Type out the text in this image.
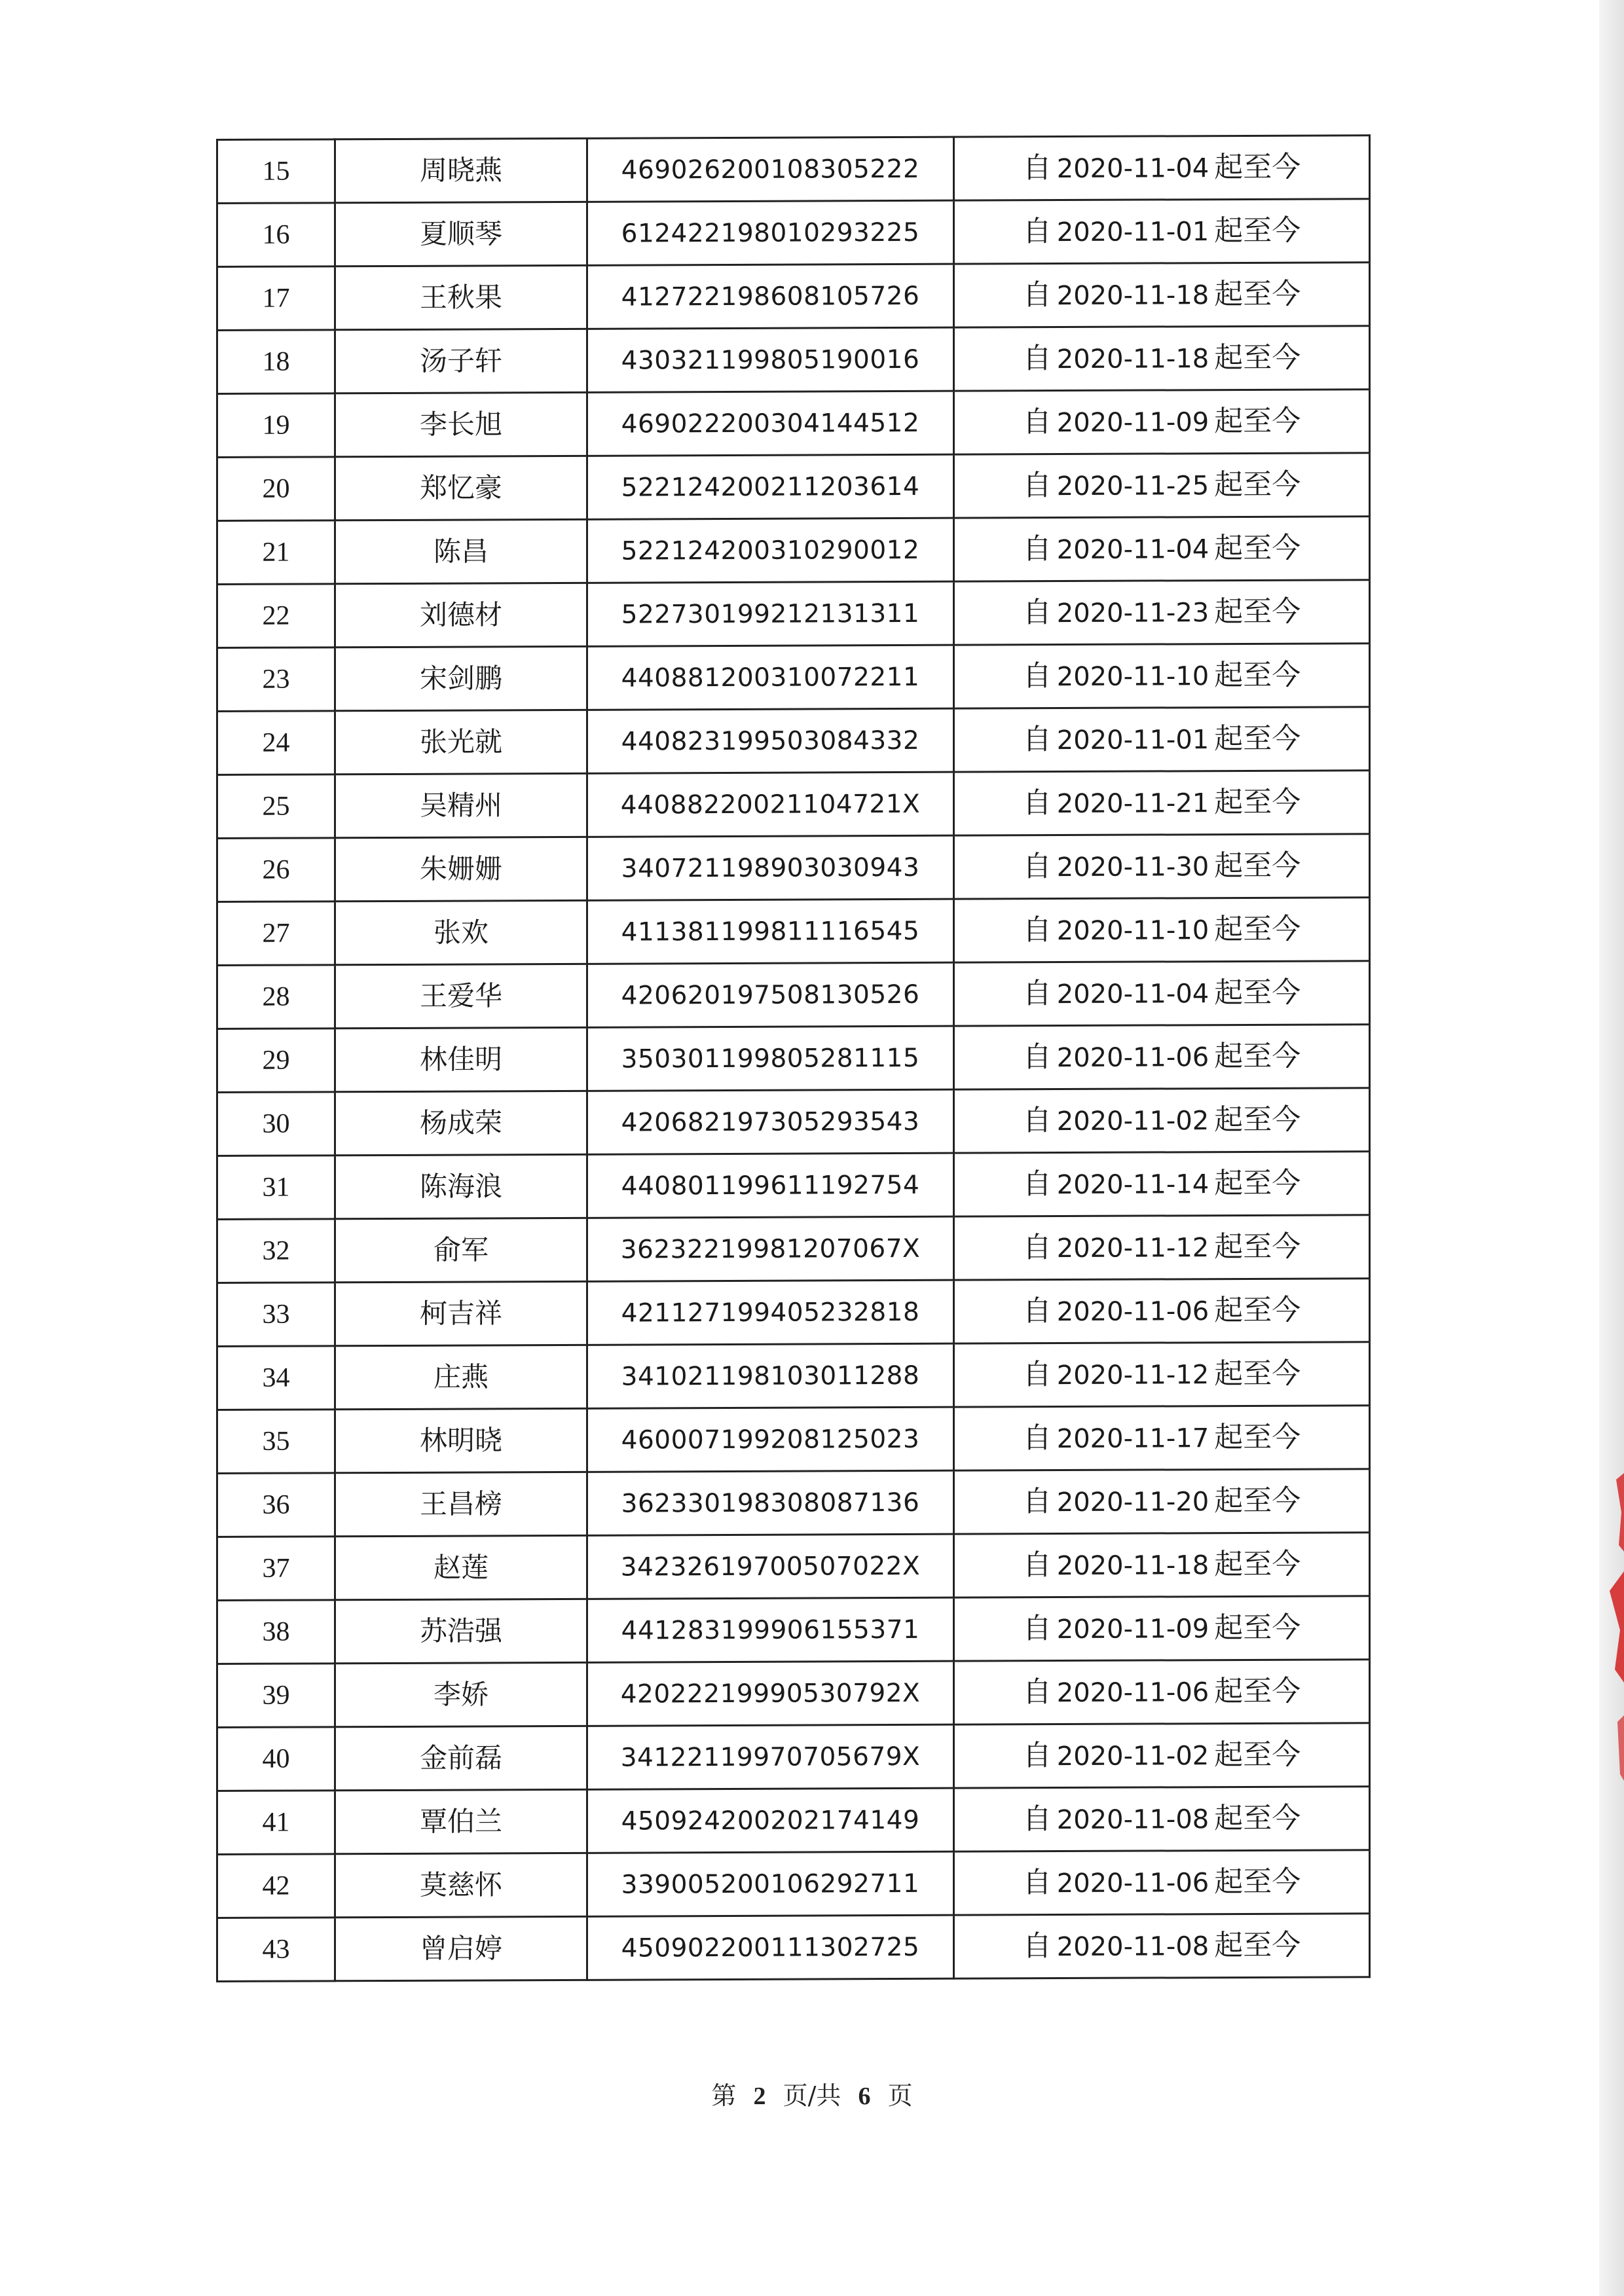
15	周晓燕	469026200108305222	自 2020-11-04 起至今
16	夏顺琴	612422198010293225	自 2020-11-01 起至今
17	王秋果	412722198608105726	自 2020-11-18 起至今
18	汤子轩	430321199805190016	自 2020-11-18 起至今
19	李长旭	469022200304144512	自 2020-11-09 起至今
20	郑忆豪	522124200211203614	自 2020-11-25 起至今
21	陈昌	522124200310290012	自 2020-11-04 起至今
22	刘德材	522730199212131311	自 2020-11-23 起至今
23	宋剑鹏	440881200310072211	自 2020-11-10 起至今
24	张光就	440823199503084332	自 2020-11-01 起至今
25	吴精州	44088220021104721X	自 2020-11-21 起至今
26	朱姗姗	340721198903030943	自 2020-11-30 起至今
27	张欢	411381199811116545	自 2020-11-10 起至今
28	王爱华	420620197508130526	自 2020-11-04 起至今
29	林佳明	350301199805281115	自 2020-11-06 起至今
30	杨成荣	420682197305293543	自 2020-11-02 起至今
31	陈海浪	440801199611192754	自 2020-11-14 起至今
32	俞军	36232219981207067X	自 2020-11-12 起至今
33	柯吉祥	421127199405232818	自 2020-11-06 起至今
34	庄燕	341021198103011288	自 2020-11-12 起至今
35	林明晓	460007199208125023	自 2020-11-17 起至今
36	王昌榜	362330198308087136	自 2020-11-20 起至今
37	赵莲	34232619700507022X	自 2020-11-18 起至今
38	苏浩强	441283199906155371	自 2020-11-09 起至今
39	李娇	42022219990530792X	自 2020-11-06 起至今
40	金前磊	34122119970705679X	自 2020-11-02 起至今
41	覃伯兰	450924200202174149	自 2020-11-08 起至今
42	莫慈怀	339005200106292711	自 2020-11-06 起至今
43	曾启婷	450902200111302725	自 2020-11-08 起至今
第 2 页/共 6 页
